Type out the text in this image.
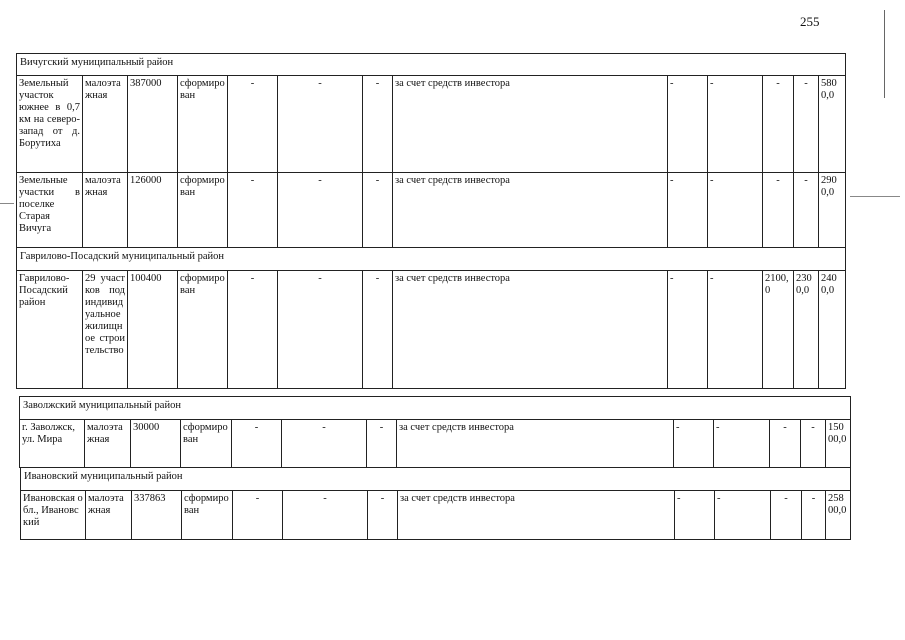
255
Вичугский муниципальный район												
Земельный участок южнее в 0,7 км на северо-запад от д. Борутиха	малоэтажная	387000	сформирован	-	-	-	за счет средств инвестора	-	-	-	-	5800,0
Земельные участки в поселке Старая Вичуга	малоэтажная	126000	сформирован	-	-	-	за счет средств инвестора	-	-	-	-	2900,0
Гаврилово-Посадский муниципальный район												
Гаврилово-Посадский район	29 участков под индивидуальное жилищное строительство	100400	сформирован	-	-	-	за счет средств инвестора	-	-	2100,0	2300,0	2400,0
Заволжский муниципальный район
г. Заволжск, ул. Мира	малоэтажная	30000	сформирован	-	-	-	за счет средств инвестора	-	-	-	-	15000,0
Ивановский муниципальный район
Ивановская обл., Ивановский	малоэтажная	337863	сформирован	-	-	-	за счет средств инвестора	-	-	-	-	25800,0
